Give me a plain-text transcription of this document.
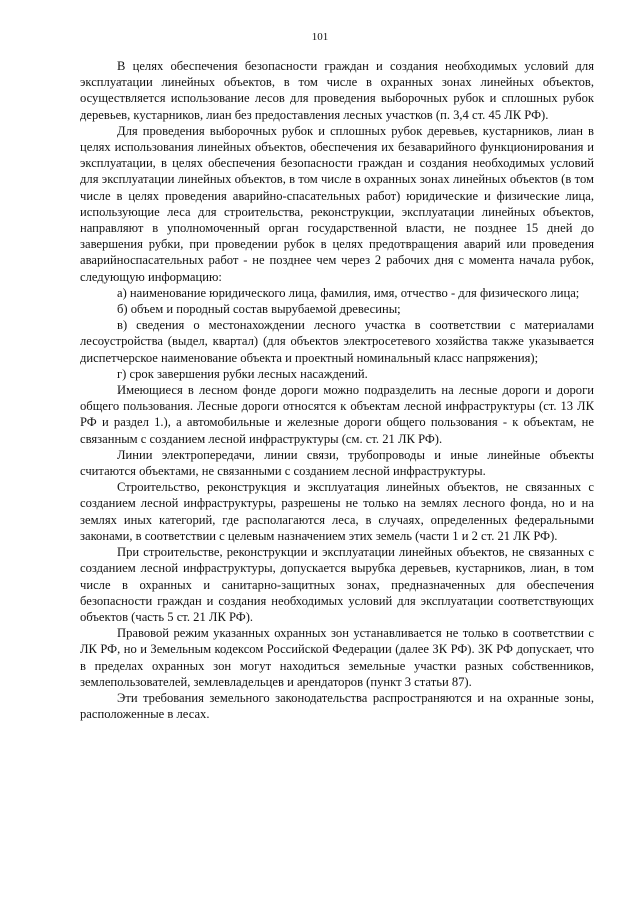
101

В целях обеспечения безопасности граждан и создания необходимых условий для эксплуатации линейных объектов, в том числе в охранных зонах линейных объектов, осуществляется использование лесов для проведения выборочных рубок и сплошных рубок деревьев, кустарников, лиан без предоставления лесных участков (п. 3,4 ст. 45 ЛК РФ).

Для проведения выборочных рубок и сплошных рубок деревьев, кустарников, лиан в целях использования линейных объектов, обеспечения их безаварийного функционирования и эксплуатации, в целях обеспечения безопасности граждан и создания необходимых условий для эксплуатации линейных объектов, в том числе в охранных зонах линейных объектов (в том числе в целях проведения аварийно-спасательных работ) юридические и физические лица, использующие леса для строительства, реконструкции, эксплуатации линейных объектов, направляют в уполномоченный орган государственной власти, не позднее 15 дней до завершения рубки, при проведении рубок в целях предотвращения аварий или проведения аварийноспасательных работ - не позднее чем через 2 рабочих дня с момента начала рубок, следующую информацию:

а) наименование юридического лица, фамилия, имя, отчество - для физического лица;

б) объем и породный состав вырубаемой древесины;

в) сведения о местонахождении лесного участка в соответствии с материалами лесоустройства (выдел, квартал) (для объектов электросетевого хозяйства также указывается диспетчерское наименование объекта и проектный номинальный класс напряжения);

г) срок завершения рубки лесных насаждений.

Имеющиеся в лесном фонде дороги можно подразделить на лесные дороги и дороги общего пользования. Лесные дороги относятся к объектам лесной инфраструктуры (ст. 13 ЛК РФ и раздел 1.), а автомобильные и железные дороги общего пользования - к объектам, не связанным с созданием лесной инфраструктуры (см. ст. 21 ЛК РФ).

Линии электропередачи, линии связи, трубопроводы и иные линейные объекты считаются объектами, не связанными с созданием лесной инфраструктуры.

Строительство, реконструкция и эксплуатация линейных объектов, не связанных с созданием лесной инфраструктуры, разрешены не только на землях лесного фонда, но и на землях иных категорий, где располагаются леса, в случаях, определенных федеральными законами, в соответствии с целевым назначением этих земель (части 1 и 2 ст. 21 ЛК РФ).

При строительстве, реконструкции и эксплуатации линейных объектов, не связанных с созданием лесной инфраструктуры, допускается вырубка деревьев, кустарников, лиан, в том числе в охранных и санитарно-защитных зонах, предназначенных для обеспечения безопасности граждан и создания необходимых условий для эксплуатации соответствующих объектов (часть 5 ст. 21 ЛК РФ).

Правовой режим указанных охранных зон устанавливается не только в соответствии с ЛК РФ, но и Земельным кодексом Российской Федерации (далее ЗК РФ). ЗК РФ допускает, что в пределах охранных зон могут находиться земельные участки разных собственников, землепользователей, землевладельцев и арендаторов (пункт 3 статьи 87).

Эти требования земельного законодательства распространяются и на охранные зоны, расположенные в лесах.
